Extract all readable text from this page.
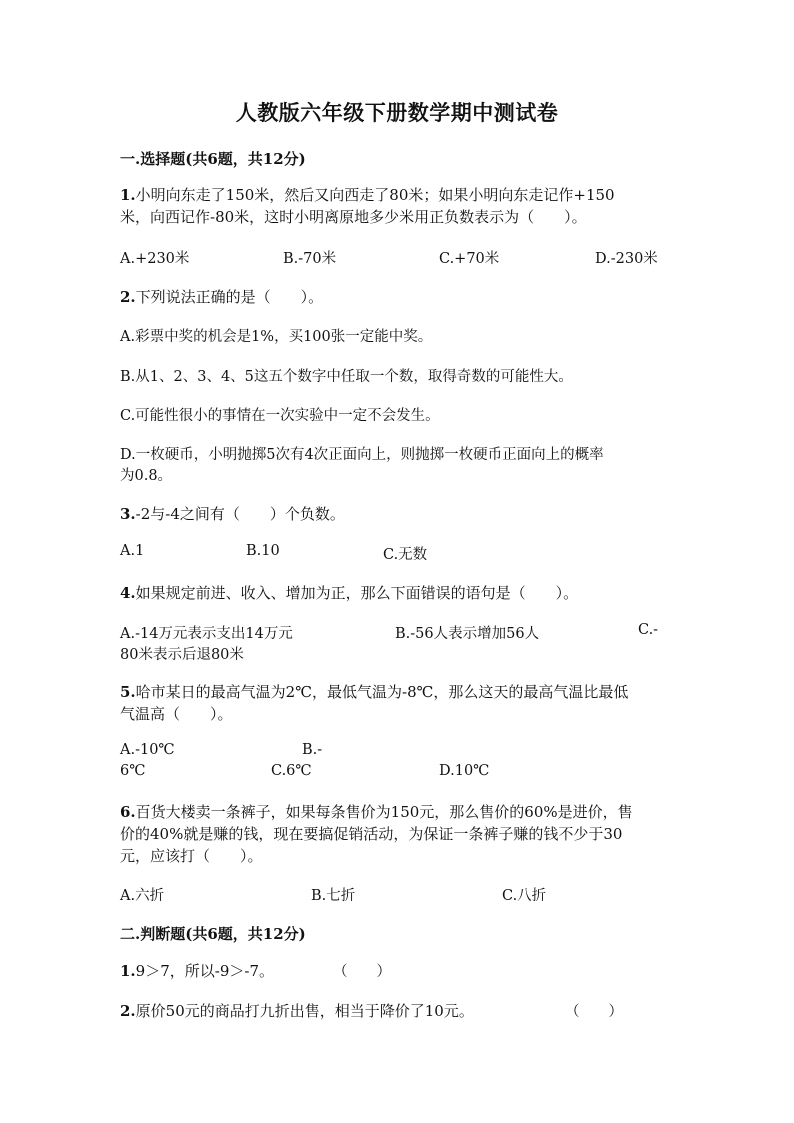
人教版六年级下册数学期中测试卷
一.选择题(共6题，共12分)
1.小明向东走了150米，然后又向西走了80米；如果小明向东走记作+150
米，向西记作-80米，这时小明离原地多少米用正负数表示为（　　）。
A.+230米	B.-70米	C.+70米	D.-230米
2.下列说法正确的是（　　）。
A.彩票中奖的机会是1%，买100张一定能中奖。
B.从1、2、3、4、5这五个数字中任取一个数，取得奇数的可能性大。
C.可能性很小的事情在一次实验中一定不会发生。
D.一枚硬币，小明抛掷5次有4次正面向上，则抛掷一枚硬币正面向上的概率
为0.8。
3.-2与-4之间有（　　）个负数。
A.1	B.10	C.无数
4.如果规定前进、收入、增加为正，那么下面错误的语句是（　　）。
A.-14万元表示支出14万元	B.-56人表示增加56人	C.-
80米表示后退80米
5.哈市某日的最高气温为2℃，最低气温为-8℃，那么这天的最高气温比最低
气温高（　　）。
A.-10℃	B.-
6℃	C.6℃	D.10℃
6.百货大楼卖一条裤子，如果每条售价为150元，那么售价的60%是进价，售
价的40%就是赚的钱，现在要搞促销活动，为保证一条裤子赚的钱不少于30
元，应该打（　　）。
A.六折	B.七折	C.八折
二.判断题(共6题，共12分)
1.9＞7，所以-9＞-7。	（　　）
2.原价50元的商品打九折出售，相当于降价了10元。	（　　）
